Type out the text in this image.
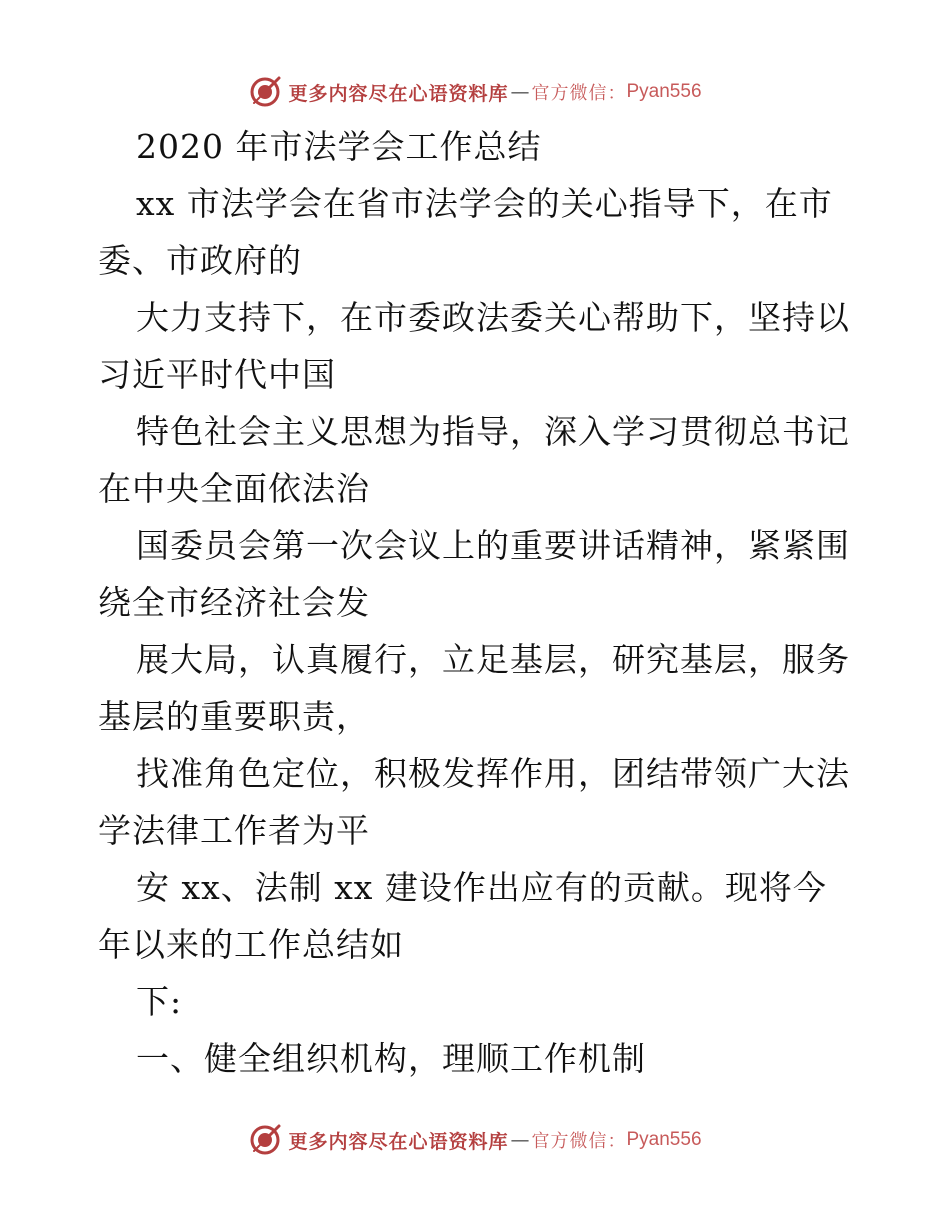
更多内容尽在心语资料库 — 官方微信： Pyan556
2020 年市法学会工作总结
xx 市法学会在省市法学会的关心指导下，在市
委、市政府的
大力支持下，在市委政法委关心帮助下，坚持以
习近平时代中国
特色社会主义思想为指导，深入学习贯彻总书记
在中央全面依法治
国委员会第一次会议上的重要讲话精神，紧紧围
绕全市经济社会发
展大局，认真履行，立足基层，研究基层，服务
基层的重要职责，
找准角色定位，积极发挥作用，团结带领广大法
学法律工作者为平
安 xx、法制 xx 建设作出应有的贡献。现将今
年以来的工作总结如
下:
一、健全组织机构，理顺工作机制
更多内容尽在心语资料库 — 官方微信： Pyan556
